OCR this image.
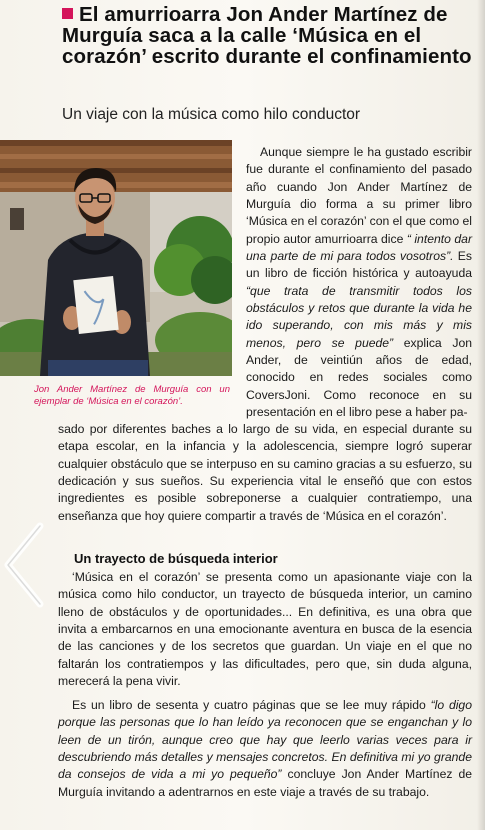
El amurrioarra Jon Ander Martínez de Murguía saca a la calle ‘Música en el corazón’ escrito durante el confinamiento
Un viaje con la música como hilo conductor
Jon Ander Martínez de Murguía con un ejemplar de ‘Música en el corazón’.
Aunque siempre le ha gustado escribir fue durante el confinamiento del pasado año cuando Jon Ander Martínez de Murguía dio forma a su primer libro ‘Música en el corazón’ con el que como el propio autor amurrioarra dice “ intento dar una parte de mi para todos vosotros”. Es un libro de ficción histórica y autoayuda “que trata de transmitir todos los obstáculos y retos que durante la vida he ido superando, con mis más y mis menos, pero se puede” explica Jon Ander, de veintiún años de edad, conocido en redes sociales como CoversJoni. Como reconoce en su presentación en el libro pese a haber pa-
sado por diferentes baches a lo largo de su vida, en especial durante su etapa escolar, en la infancia y la adolescencia, siempre logró superar cualquier obstáculo que se interpuso en su camino gracias a su esfuerzo, su dedicación y sus sueños. Su experiencia vital le enseñó que con estos ingredientes es posible sobreponerse a cualquier contratiempo, una enseñanza que hoy quiere compartir a través de ‘Música en el corazón’.
Un trayecto de búsqueda interior
‘Música en el corazón’ se presenta como un apasionante viaje con la música como hilo conductor, un trayecto de búsqueda interior, un camino lleno de obstáculos y de oportunidades... En definitiva, es una obra que invita a embarcarnos en una emocionante aventura en busca de la esencia de las canciones y de los secretos que guardan. Un viaje en el que no faltarán los contratiempos y las dificultades, pero que, sin duda alguna, merecerá la pena vivir.
Es un libro de sesenta y cuatro páginas que se lee muy rápido “lo digo porque las personas que lo han leído ya reconocen que se enganchan y lo leen de un tirón, aunque creo que hay que leerlo varias veces para ir descubriendo más detalles y mensajes concretos. En definitiva mi yo grande da consejos de vida a mi yo pequeño” concluye Jon Ander Martínez de Murguía invitando a adentrarnos en este viaje a través de su trabajo.
